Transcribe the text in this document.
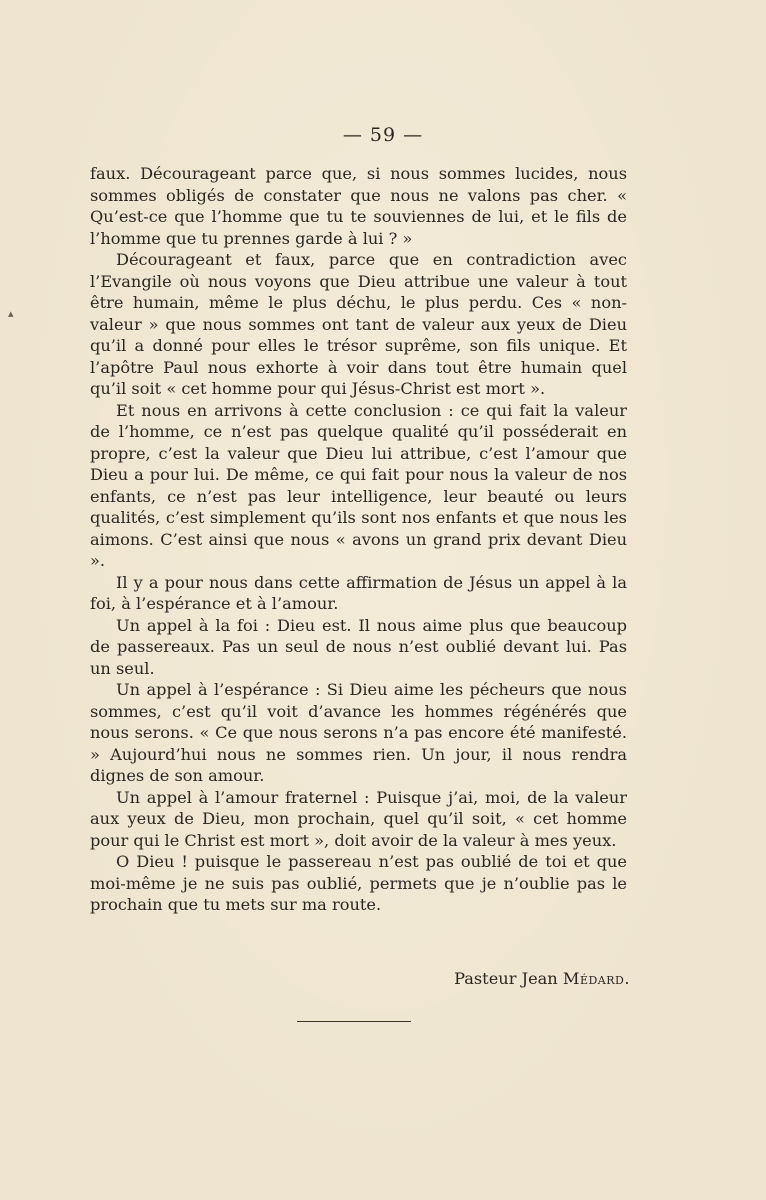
— 59 —
▴

faux. Décourageant parce que, si nous sommes lucides, nous sommes obligés de constater que nous ne valons pas cher. « Qu’est-ce que l’homme que tu te souviennes de lui, et le fils de l’homme que tu prennes garde à lui ? »

Décourageant et faux, parce que en contradiction avec l’Evangile où nous voyons que Dieu attribue une valeur à tout être humain, même le plus déchu, le plus perdu. Ces « non-valeur » que nous sommes ont tant de valeur aux yeux de Dieu qu’il a donné pour elles le trésor suprême, son fils unique. Et l’apôtre Paul nous exhorte à voir dans tout être humain quel qu’il soit « cet homme pour qui Jésus-Christ est mort ».

Et nous en arrivons à cette conclusion : ce qui fait la valeur de l’homme, ce n’est pas quelque qualité qu’il posséderait en propre, c’est la valeur que Dieu lui attribue, c’est l’amour que Dieu a pour lui. De même, ce qui fait pour nous la valeur de nos enfants, ce n’est pas leur intelligence, leur beauté ou leurs qualités, c’est simplement qu’ils sont nos enfants et que nous les aimons. C’est ainsi que nous « avons un grand prix devant Dieu ».

Il y a pour nous dans cette affirmation de Jésus un appel à la foi, à l’espérance et à l’amour.

Un appel à la foi : Dieu est. Il nous aime plus que beaucoup de passereaux. Pas un seul de nous n’est oublié devant lui. Pas un seul.

Un appel à l’espérance : Si Dieu aime les pécheurs que nous sommes, c’est qu’il voit d’avance les hommes régénérés que nous serons. « Ce que nous serons n’a pas encore été manifesté. » Aujourd’hui nous ne sommes rien. Un jour, il nous rendra dignes de son amour.

Un appel à l’amour fraternel : Puisque j’ai, moi, de la valeur aux yeux de Dieu, mon prochain, quel qu’il soit, « cet homme pour qui le Christ est mort », doit avoir de la valeur à mes yeux.

O Dieu ! puisque le passereau n’est pas oublié de toi et que moi-même je ne suis pas oublié, permets que je n’oublie pas le prochain que tu mets sur ma route.

Pasteur Jean Médard.
